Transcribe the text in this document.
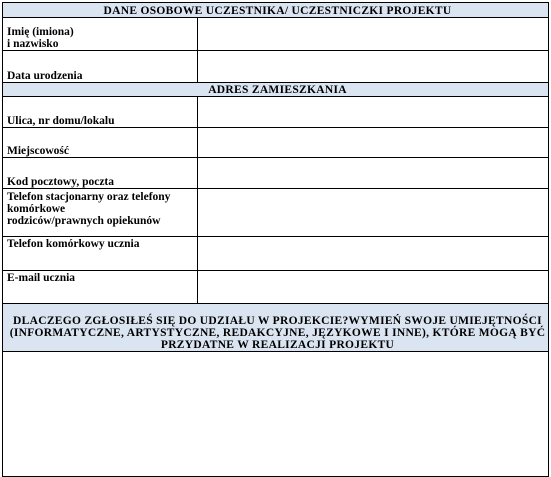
DANE OSOBOWE UCZESTNIKA/ UCZESTNICZKI PROJEKTU	

Imię (imiona)
i nazwisko	

Data urodzenia	
ADRES ZAMIESZKANIA	
Ulica, nr domu/lokalu	
Miejscowość	
Kod pocztowy, poczta	

Telefon stacjonarny oraz telefony
komórkowe
rodziców/prawnych opiekunów	

Telefon komórkowy ucznia	
E-mail ucznia	
DLACZEGO ZGŁOSIŁEŚ SIĘ DO UDZIAŁU W PROJEKCIE?WYMIEŃ SWOJE UMIEJĘTNOŚCI (INFORMATYCZNE, ARTYSTYCZNE, REDAKCYJNE, JĘZYKOWE I INNE), KTÓRE MOGĄ BYĆ PRZYDATNE W REALIZACJI PROJEKTU	
